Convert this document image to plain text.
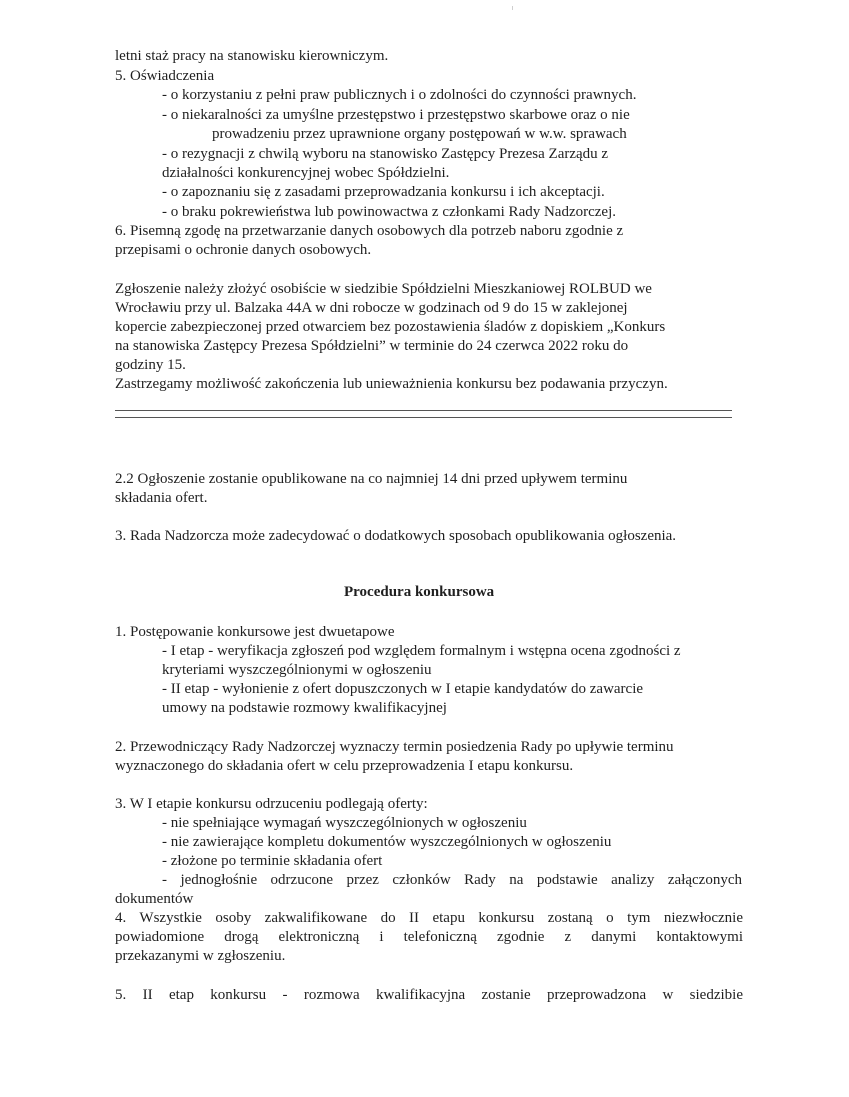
letni staż pracy na stanowisku kierowniczym.
5. Oświadczenia
- o korzystaniu z pełni praw publicznych i o zdolności do czynności prawnych.
- o niekaralności za umyślne przestępstwo i przestępstwo skarbowe oraz o nie
prowadzeniu przez uprawnione organy postępowań w w.w. sprawach
- o rezygnacji z chwilą wyboru na stanowisko Zastępcy Prezesa Zarządu z
działalności konkurencyjnej wobec Spółdzielni.
- o zapoznaniu się z zasadami przeprowadzania konkursu i ich akceptacji.
- o braku pokrewieństwa lub powinowactwa z członkami Rady Nadzorczej.
6. Pisemną zgodę na przetwarzanie danych osobowych dla potrzeb naboru zgodnie z
przepisami o ochronie danych osobowych.
Zgłoszenie należy złożyć osobiście w siedzibie Spółdzielni Mieszkaniowej ROLBUD we
Wrocławiu przy ul. Balzaka 44A w dni robocze w godzinach od 9 do 15 w zaklejonej
kopercie zabezpieczonej przed otwarciem bez pozostawienia śladów z dopiskiem „Konkurs
na stanowiska Zastępcy Prezesa Spółdzielni” w terminie do 24 czerwca 2022 roku do
godziny 15.
Zastrzegamy możliwość zakończenia lub unieważnienia konkursu bez podawania przyczyn.
2.2 Ogłoszenie zostanie opublikowane na co najmniej 14 dni przed upływem terminu
składania ofert.
3. Rada Nadzorcza może zadecydować o dodatkowych sposobach opublikowania ogłoszenia.
Procedura konkursowa
1. Postępowanie konkursowe jest dwuetapowe
- I etap - weryfikacja zgłoszeń pod względem formalnym i wstępna ocena zgodności z
kryteriami wyszczególnionymi w ogłoszeniu
- II etap - wyłonienie z ofert dopuszczonych w I etapie kandydatów do zawarcie
umowy na podstawie rozmowy kwalifikacyjnej
2. Przewodniczący Rady Nadzorczej wyznaczy termin posiedzenia Rady po upływie terminu
wyznaczonego do składania ofert w celu przeprowadzenia I etapu konkursu.
3. W I etapie konkursu odrzuceniu podlegają oferty:
- nie spełniające wymagań wyszczególnionych w ogłoszeniu
- nie zawierające kompletu dokumentów wyszczególnionych w ogłoszeniu
- złożone po terminie składania ofert
- jednogłośnie odrzucone przez członków Rady na podstawie analizy załączonych
dokumentów
4. Wszystkie osoby zakwalifikowane do II etapu konkursu zostaną o tym niezwłocznie
powiadomione drogą elektroniczną i telefoniczną zgodnie z danymi kontaktowymi
przekazanymi w zgłoszeniu.
5. II etap konkursu - rozmowa kwalifikacyjna zostanie przeprowadzona w siedzibie
